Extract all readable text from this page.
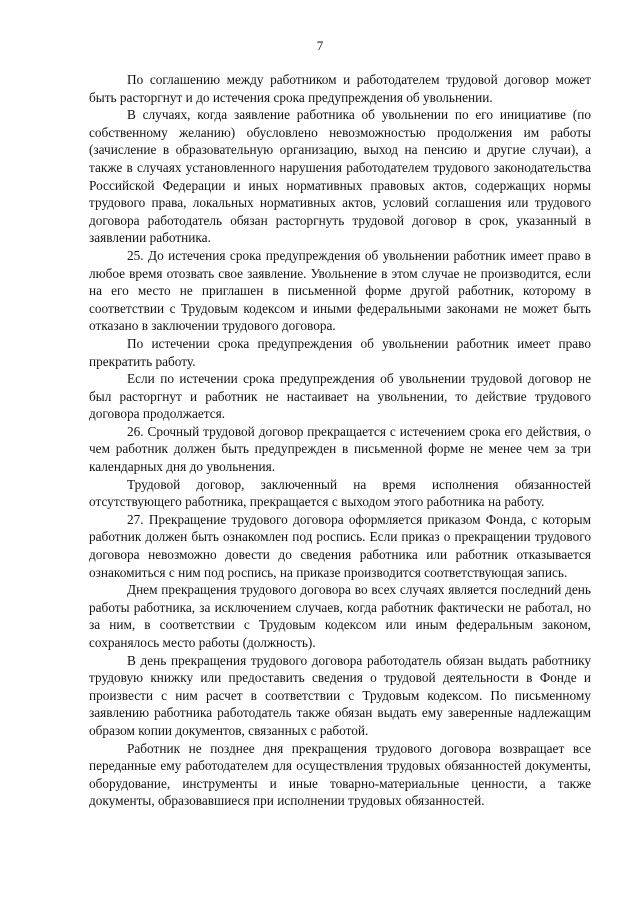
7

По соглашению между работником и работодателем трудовой договор может быть расторгнут и до истечения срока предупреждения об увольнении.

В случаях, когда заявление работника об увольнении по его инициативе (по собственному желанию) обусловлено невозможностью продолжения им работы (зачисление в образовательную организацию, выход на пенсию и другие случаи), а также в случаях установленного нарушения работодателем трудового законодательства Российской Федерации и иных нормативных правовых актов, содержащих нормы трудового права, локальных нормативных актов, условий соглашения или трудового договора работодатель обязан расторгнуть трудовой договор в срок, указанный в заявлении работника.

25. До истечения срока предупреждения об увольнении работник имеет право в любое время отозвать свое заявление. Увольнение в этом случае не производится, если на его место не приглашен в письменной форме другой работник, которому в соответствии с Трудовым кодексом и иными федеральными законами не может быть отказано в заключении трудового договора.

По истечении срока предупреждения об увольнении работник имеет право прекратить работу.

Если по истечении срока предупреждения об увольнении трудовой договор не был расторгнут и работник не настаивает на увольнении, то действие трудового договора продолжается.

26. Срочный трудовой договор прекращается с истечением срока его действия, о чем работник должен быть предупрежден в письменной форме не менее чем за три календарных дня до увольнения.

Трудовой договор, заключенный на время исполнения обязанностей отсутствующего работника, прекращается с выходом этого работника на работу.

27. Прекращение трудового договора оформляется приказом Фонда, с которым работник должен быть ознакомлен под роспись. Если приказ о прекращении трудового договора невозможно довести до сведения работника или работник отказывается ознакомиться с ним под роспись, на приказе производится соответствующая запись.

Днем прекращения трудового договора во всех случаях является последний день работы работника, за исключением случаев, когда работник фактически не работал, но за ним, в соответствии с Трудовым кодексом или иным федеральным законом, сохранялось место работы (должность).

В день прекращения трудового договора работодатель обязан выдать работнику трудовую книжку или предоставить сведения о трудовой деятельности в Фонде и произвести с ним расчет в соответствии с Трудовым кодексом. По письменному заявлению работника работодатель также обязан выдать ему заверенные надлежащим образом копии документов, связанных с работой.

Работник не позднее дня прекращения трудового договора возвращает все переданные ему работодателем для осуществления трудовых обязанностей документы, оборудование, инструменты и иные товарно-материальные ценности, а также документы, образовавшиеся при исполнении трудовых обязанностей.
